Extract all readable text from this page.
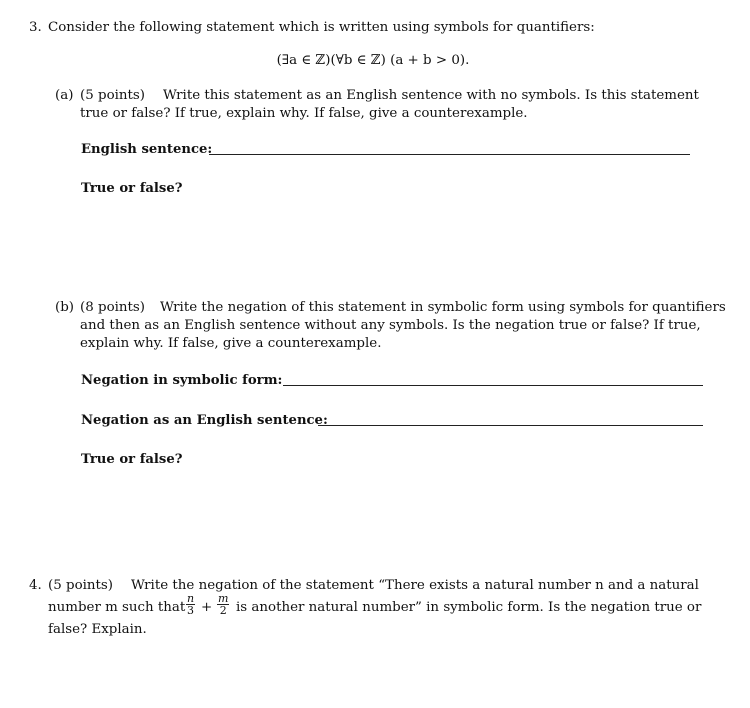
3. Consider the following statement which is written using symbols for quantifiers:
(∃a ∈ ℤ)(∀b ∈ ℤ) (a + b > 0).
(a) (5 points) Write this statement as an English sentence with no symbols. Is this statement
true or false? If true, explain why. If false, give a counterexample.
English sentence:
True or false?
(b) (8 points) Write the negation of this statement in symbolic form using symbols for quantifiers
and then as an English sentence without any symbols. Is the negation true or false? If true,
explain why. If false, give a counterexample.
Negation in symbolic form:
Negation as an English sentence:
True or false?
4. (5 points) Write the negation of the statement “There exists a natural number n and a natural
number m such that $\frac{n}{3} + \frac{m}{2}$ is another natural number” in symbolic form. Is the negation true or
false? Explain.
